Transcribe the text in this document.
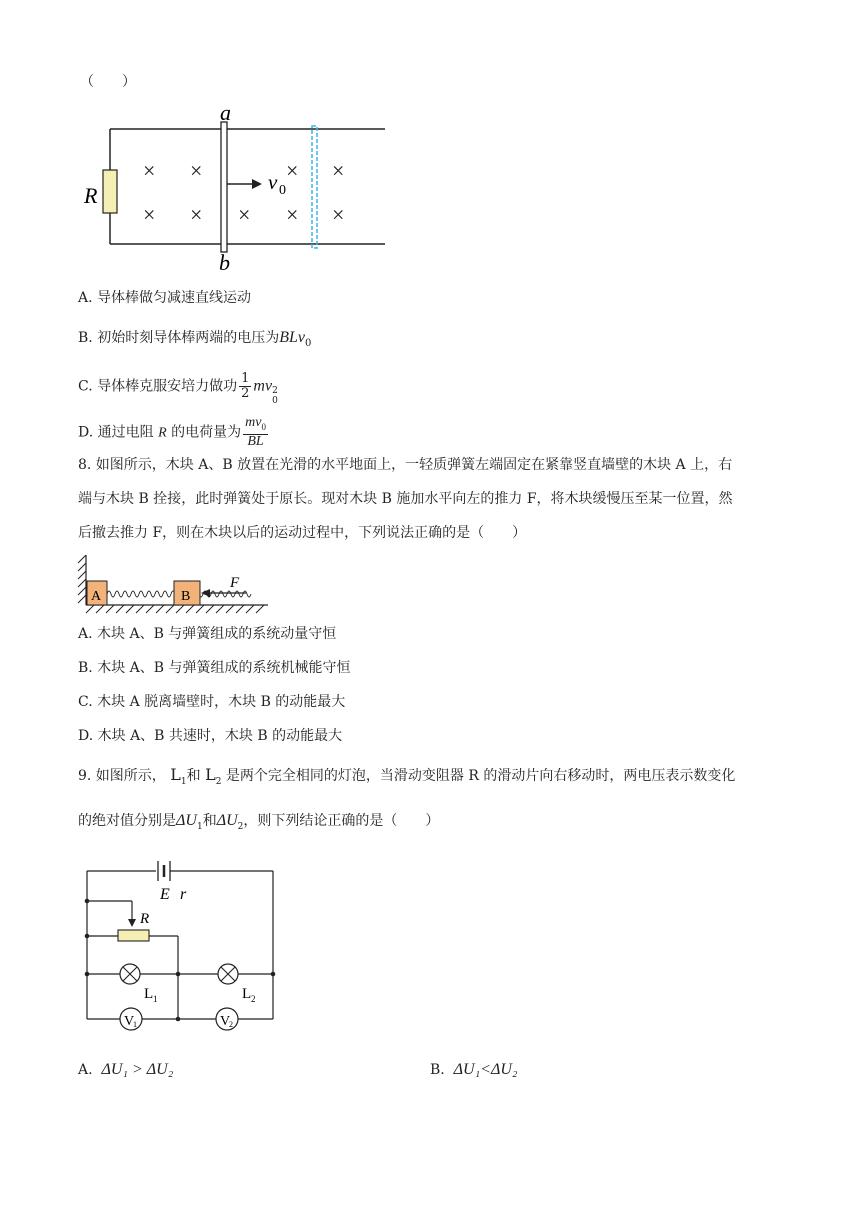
（　　）
R
× ×	× ×
× × × × ×
a
b
v 0
A. 导体棒做匀减速直线运动
B. 初始时刻导体棒两端的电压为BLv$_0$
C. 导体棒克服安培力做功 $\frac{1}{2}$ mv 2
0
D. 通过电阻 R 的电荷量为 $\frac{mv_0}{BL}$
8. 如图所示，木块 A、B 放置在光滑的水平地面上，一轻质弹簧左端固定在紧靠竖直墙壁的木块 A 上，右
端与木块 B 拴接，此时弹簧处于原长。现对木块 B 施加水平向左的推力 F，将木块缓慢压至某一位置，然
后撤去推力 F，则在木块以后的运动过程中，下列说法正确的是（　　）
A	B
F
A. 木块 A、B 与弹簧组成的系统动量守恒
B. 木块 A、B 与弹簧组成的系统机械能守恒
C. 木块 A 脱离墙壁时，木块 B 的动能最大
D. 木块 A、B 共速时，木块 B 的动能最大
9. 如图所示， $L_1$和 $L_2$ 是两个完全相同的灯泡，当滑动变阻器 R 的滑动片向右移动时，两电压表示数变化
的绝对值分别是$\Delta U_1$和$\Delta U_2$，则下列结论正确的是（　　）
E r
R
L 1	L 2
V
1	V
2
A. ΔU₁ > ΔU₂	B. ΔU₁<ΔU₂
